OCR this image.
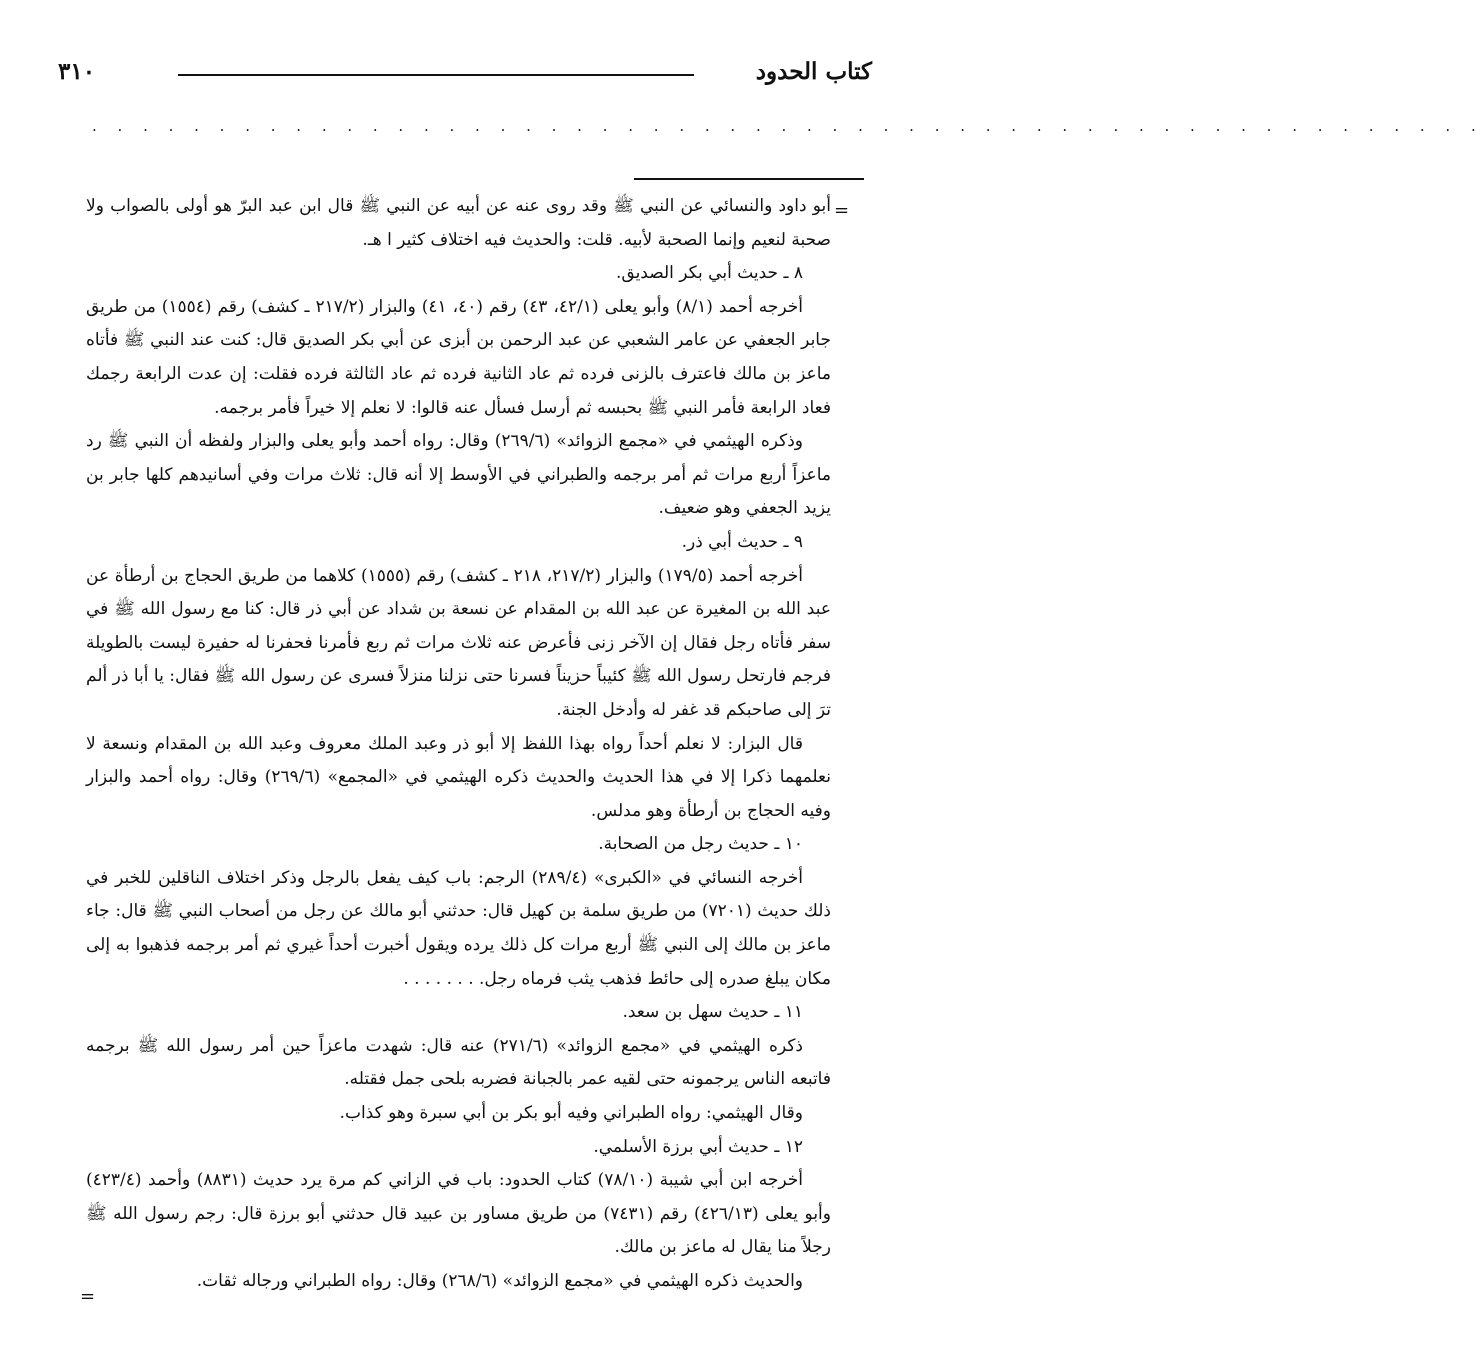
٣١٠	كتاب الحدود
. . . . . . . . . . . . . . . . . . . . . . . . . . . . . . . . . . . . . . . . . . . . . . . . . . . . . . .
=
=

أبو داود والنسائي عن النبي ﷺ وقد روى عنه عن أبيه عن النبي ﷺ قال ابن عبد البرّ هو أولى بالصواب ولا صحبة لنعيم وإنما الصحبة لأبيه. قلت: والحديث فيه اختلاف كثير ا هـ.

٨ ـ حديث أبي بكر الصديق.

أخرجه أحمد (٨/١) وأبو يعلى (٤٢/١، ٤٣) رقم (٤٠، ٤١) والبزار (٢١٧/٢ ـ كشف) رقم (١٥٥٤) من طريق جابر الجعفي عن عامر الشعبي عن عبد الرحمن بن أبزى عن أبي بكر الصديق قال: كنت عند النبي ﷺ فأتاه ماعز بن مالك فاعترف بالزنى فرده ثم عاد الثانية فرده ثم عاد الثالثة فرده فقلت: إن عدت الرابعة رجمك فعاد الرابعة فأمر النبي ﷺ بحبسه ثم أرسل فسأل عنه قالوا: لا نعلم إلا خيراً فأمر برجمه.

وذكره الهيثمي في «مجمع الزوائد» (٢٦٩/٦) وقال: رواه أحمد وأبو يعلى والبزار ولفظه أن النبي ﷺ رد ماعزاً أربع مرات ثم أمر برجمه والطبراني في الأوسط إلا أنه قال: ثلاث مرات وفي أسانيدهم كلها جابر بن يزيد الجعفي وهو ضعيف.

٩ ـ حديث أبي ذر.

أخرجه أحمد (١٧٩/٥) والبزار (٢١٧/٢، ٢١٨ ـ كشف) رقم (١٥٥٥) كلاهما من طريق الحجاج بن أرطأة عن عبد الله بن المغيرة عن عبد الله بن المقدام عن نسعة بن شداد عن أبي ذر قال: كنا مع رسول الله ﷺ في سفر فأتاه رجل فقال إن الآخر زنى فأعرض عنه ثلاث مرات ثم ربع فأمرنا فحفرنا له حفيرة ليست بالطويلة فرجم فارتحل رسول الله ﷺ كئيباً حزيناً فسرنا حتى نزلنا منزلاً فسرى عن رسول الله ﷺ فقال: يا أبا ذر ألم ترَ إلى صاحبكم قد غفر له وأدخل الجنة.

قال البزار: لا نعلم أحداً رواه بهذا اللفظ إلا أبو ذر وعبد الملك معروف وعبد الله بن المقدام ونسعة لا نعلمهما ذكرا إلا في هذا الحديث والحديث ذكره الهيثمي في «المجمع» (٢٦٩/٦) وقال: رواه أحمد والبزار وفيه الحجاج بن أرطأة وهو مدلس.

١٠ ـ حديث رجل من الصحابة.

أخرجه النسائي في «الكبرى» (٢٨٩/٤) الرجم: باب كيف يفعل بالرجل وذكر اختلاف الناقلين للخبر في ذلك حديث (٧٢٠١) من طريق سلمة بن كهيل قال: حدثني أبو مالك عن رجل من أصحاب النبي ﷺ قال: جاء ماعز بن مالك إلى النبي ﷺ أربع مرات كل ذلك يرده ويقول أخبرت أحداً غيري ثم أمر برجمه فذهبوا به إلى مكان يبلغ صدره إلى حائط فذهب يثب فرماه رجل. . . . . . . .

١١ ـ حديث سهل بن سعد.

ذكره الهيثمي في «مجمع الزوائد» (٢٧١/٦) عنه قال: شهدت ماعزاً حين أمر رسول الله ﷺ برجمه فاتبعه الناس يرجمونه حتى لقيه عمر بالجبانة فضربه بلحى جمل فقتله.

وقال الهيثمي: رواه الطبراني وفيه أبو بكر بن أبي سبرة وهو كذاب.

١٢ ـ حديث أبي برزة الأسلمي.

أخرجه ابن أبي شيبة (٧٨/١٠) كتاب الحدود: باب في الزاني كم مرة يرد حديث (٨٨٣١) وأحمد (٤٢٣/٤) وأبو يعلى (٤٢٦/١٣) رقم (٧٤٣١) من طريق مساور بن عبيد قال حدثني أبو برزة قال: رجم رسول الله ﷺ رجلاً منا يقال له ماعز بن مالك.

والحديث ذكره الهيثمي في «مجمع الزوائد» (٢٦٨/٦) وقال: رواه الطبراني ورجاله ثقات.
